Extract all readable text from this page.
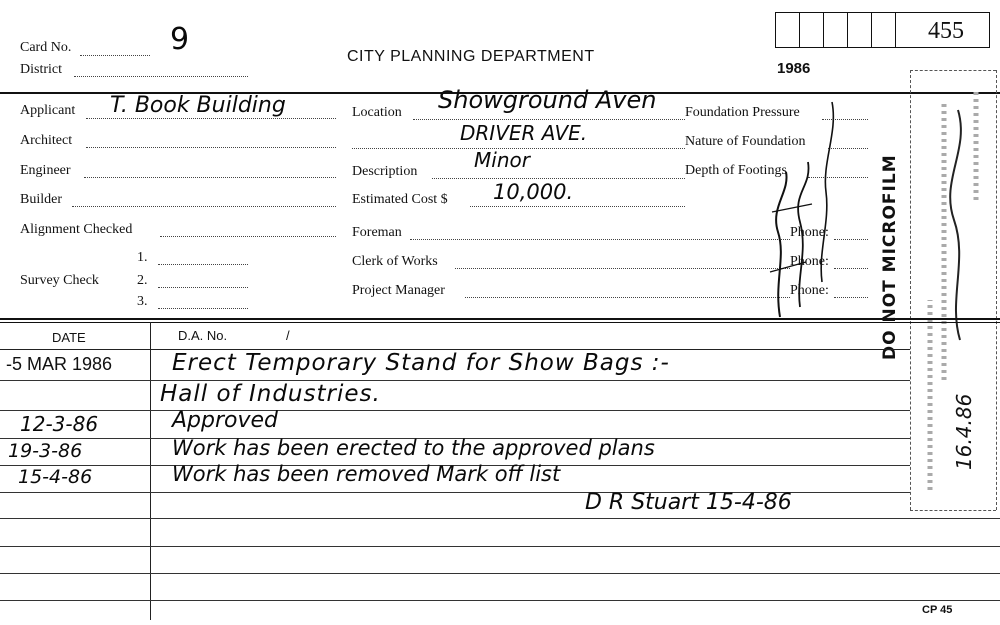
Card No.	9
District
CITY PLANNING DEPARTMENT
1986
455
Applicant T. Book Building
Architect
Engineer
Builder
Alignment Checked
Survey Check
1.
2.
3.
Location Showground Aven
DRIVER AVE.
Description	Minor
Estimated Cost $ 10,000.
Foreman	Phone:
Clerk of Works	Phone:
Project Manager	Phone:
Foundation Pressure
Nature of Foundation
Depth of Footings	DO NOT MICROFILM
16.4.86
DATE	D.A. No.	/
-5 MAR 1986	Erect Temporary Stand for Show Bags :-
Hall of Industries.
12-3-86	Approved
19-3-86	Work has been erected to the approved plans
15-4-86	Work has been removed Mark off list
D R Stuart 15-4-86
CP 45
